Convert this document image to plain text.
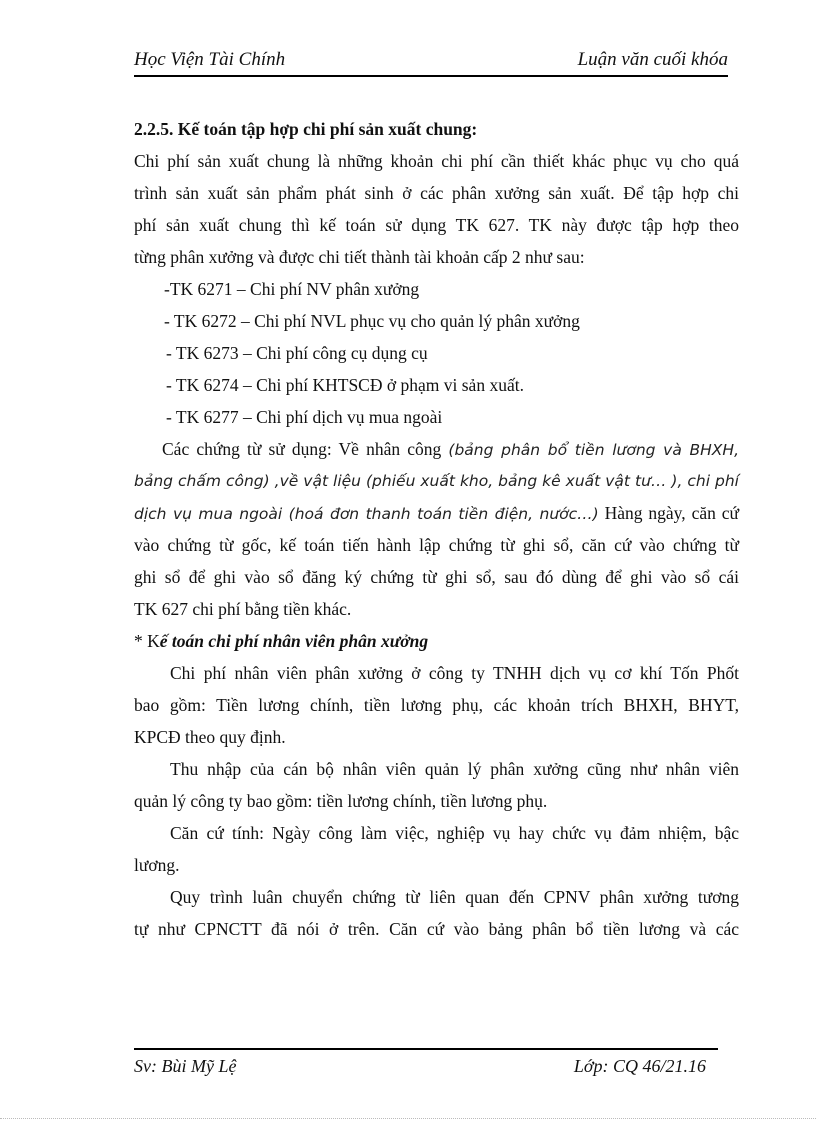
Học Viện Tài Chính	Luận văn cuối khóa
2.2.5. Kế toán tập hợp chi phí sản xuất chung:
Chi phí sản xuất chung là những khoản chi phí cần thiết khác phục vụ cho quá
trình sản xuất sản phẩm phát sinh ở các phân xưởng sản xuất. Để tập hợp chi
phí sản xuất chung thì kế toán sử dụng TK 627. TK này được tập hợp theo
từng phân xưởng và được chi tiết thành tài khoản cấp 2 như sau:
-TK 6271 – Chi phí NV phân xưởng
- TK 6272 – Chi phí NVL phục vụ cho quản lý phân xưởng
- TK 6273 – Chi phí công cụ dụng cụ
- TK 6274 – Chi phí KHTSCĐ ở phạm vi sản xuất.
- TK 6277 – Chi phí dịch vụ mua ngoài
Các chứng từ sử dụng: Về nhân công (bảng phân bổ tiền lương và BHXH,
bảng chấm công) ,về vật liệu (phiếu xuất kho, bảng kê xuất vật tư… ), chi phí
dịch vụ mua ngoài (hoá đơn thanh toán tiền điện, nước…) Hàng ngày, căn cứ
vào chứng từ gốc, kế toán tiến hành lập chứng từ ghi sổ, căn cứ vào chứng từ
ghi sổ để ghi vào sổ đăng ký chứng từ ghi sổ, sau đó dùng để ghi vào sổ cái
TK 627 chi phí bằng tiền khác.
* Kế toán chi phí nhân viên phân xưởng
Chi phí nhân viên phân xưởng ở công ty TNHH dịch vụ cơ khí Tốn Phốt
bao gồm: Tiền lương chính, tiền lương phụ, các khoản trích BHXH, BHYT,
KPCĐ theo quy định.
Thu nhập của cán bộ nhân viên quản lý phân xưởng cũng như nhân viên
quản lý công ty bao gồm: tiền lương chính, tiền lương phụ.
Căn cứ tính: Ngày công làm việc, nghiệp vụ hay chức vụ đảm nhiệm, bậc
lương.
Quy trình luân chuyển chứng từ liên quan đến CPNV phân xưởng tương
tự như CPNCTT đã nói ở trên. Căn cứ vào bảng phân bổ tiền lương và các
Sv: Bùi Mỹ Lệ	Lớp: CQ 46/21.16
